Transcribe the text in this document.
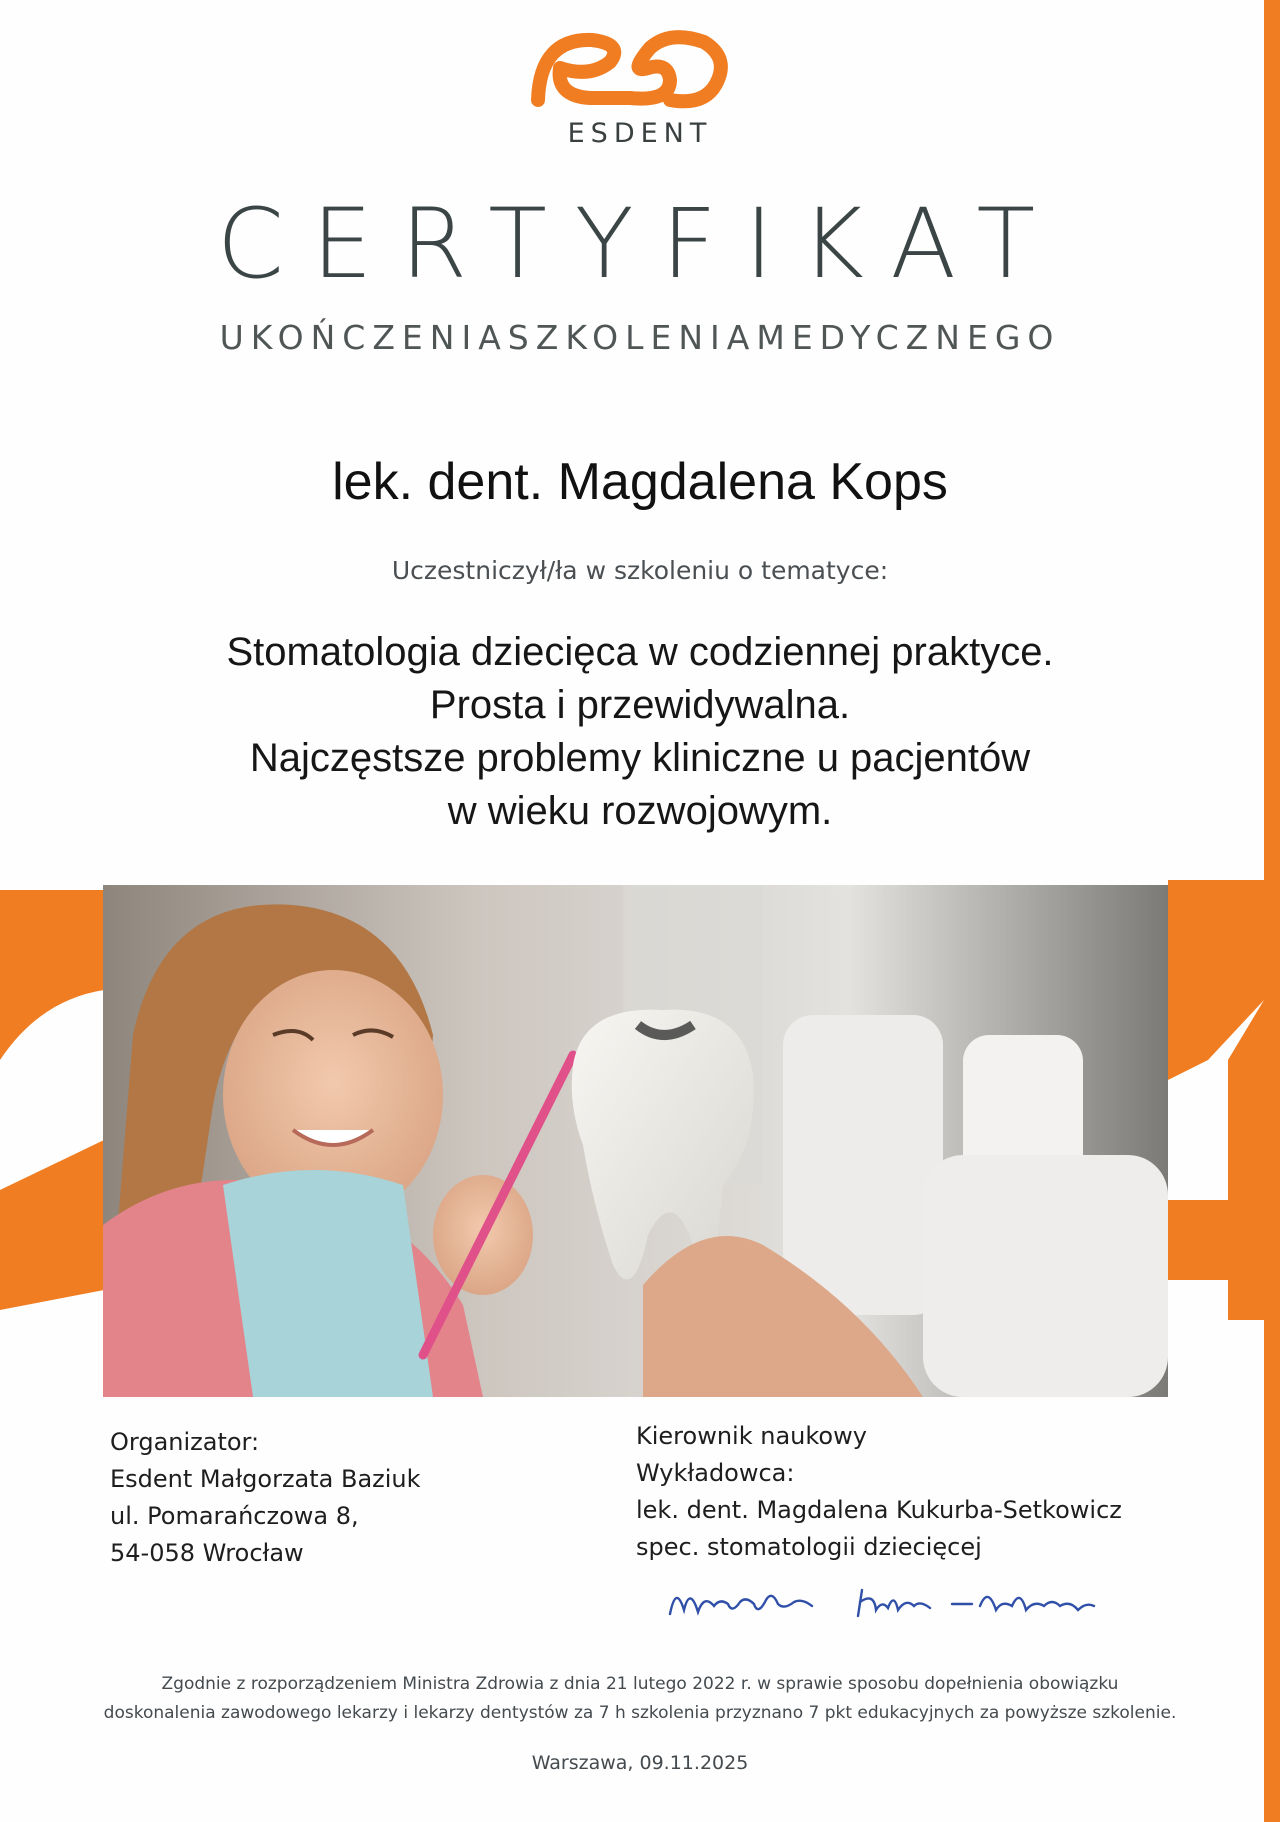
ESDENT
CERTYFIKAT
UKOŃCZENIASZKOLENIAMEDYCZNEGO
lek. dent. Magdalena Kops
Uczestniczył/ła w szkoleniu o tematyce:
Stomatologia dziecięca w codziennej praktyce.
Prosta i przewidywalna.
Najczęstsze problemy kliniczne u pacjentów
w wieku rozwojowym.
Organizator:
Esdent Małgorzata Baziuk
ul. Pomarańczowa 8,
54-058 Wrocław
Kierownik naukowy
Wykładowca:
lek. dent. Magdalena Kukurba-Setkowicz
spec. stomatologii dziecięcej
Zgodnie z rozporządzeniem Ministra Zdrowia z dnia 21 lutego 2022 r. w sprawie sposobu dopełnienia obowiązku
doskonalenia zawodowego lekarzy i lekarzy dentystów za 7 h szkolenia przyznano 7 pkt edukacyjnych za powyższe szkolenie.
Warszawa, 09.11.2025
